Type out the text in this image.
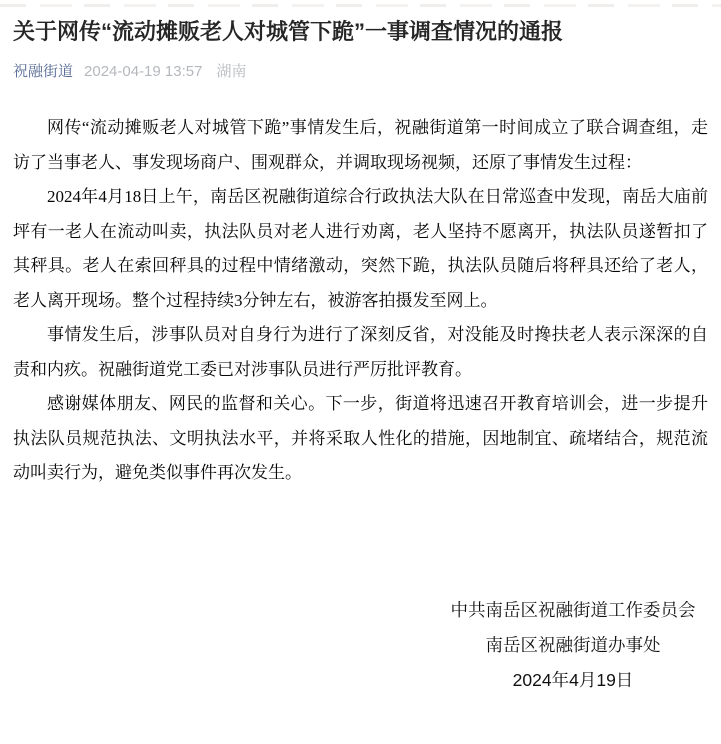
关于网传“流动摊贩老人对城管下跪”一事调查情况的通报
祝融街道 2024-04-19 13:57 湖南

网传“流动摊贩老人对城管下跪”事情发生后，祝融街道第一时间成立了联合调查组，走访了当事老人、事发现场商户、围观群众，并调取现场视频，还原了事情发生过程：

2024年4月18日上午，南岳区祝融街道综合行政执法大队在日常巡查中发现，南岳大庙前坪有一老人在流动叫卖，执法队员对老人进行劝离，老人坚持不愿离开，执法队员遂暂扣了其秤具。老人在索回秤具的过程中情绪激动，突然下跪，执法队员随后将秤具还给了老人，老人离开现场。整个过程持续3分钟左右，被游客拍摄发至网上。

事情发生后，涉事队员对自身行为进行了深刻反省，对没能及时搀扶老人表示深深的自责和内疚。祝融街道党工委已对涉事队员进行严厉批评教育。

感谢媒体朋友、网民的监督和关心。下一步，街道将迅速召开教育培训会，进一步提升执法队员规范执法、文明执法水平，并将采取人性化的措施，因地制宜、疏堵结合，规范流动叫卖行为，避免类似事件再次发生。

中共南岳区祝融街道工作委员会
南岳区祝融街道办事处
2024年4月19日
